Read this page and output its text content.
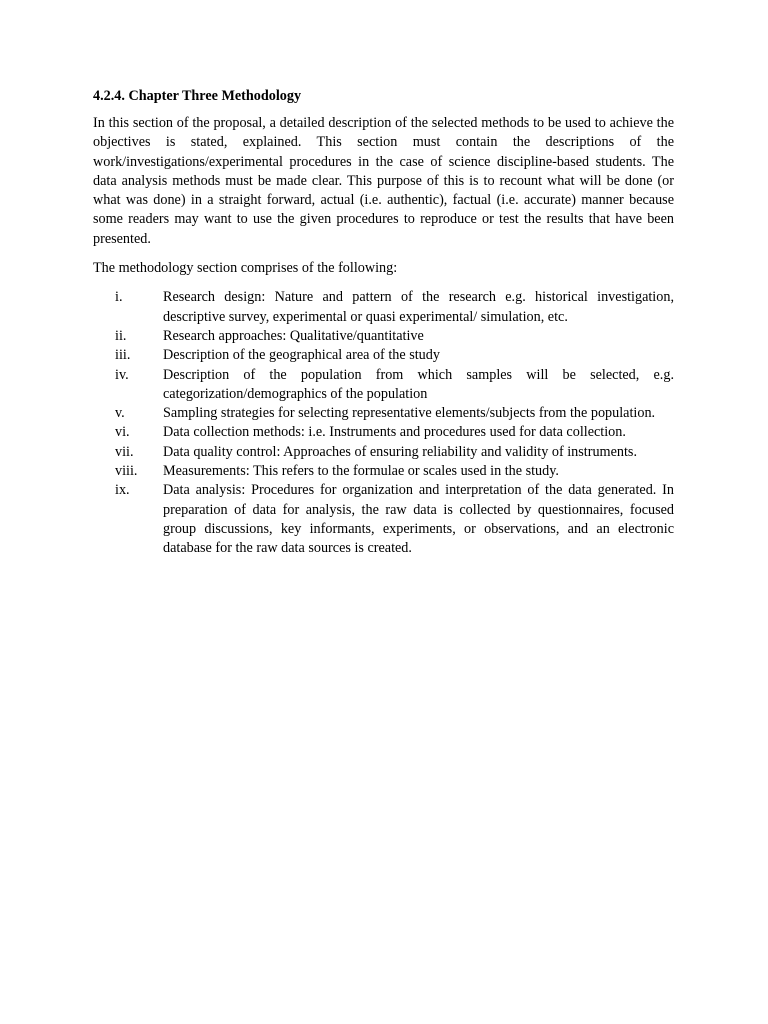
4.2.4. Chapter Three Methodology

In this section of the proposal, a detailed description of the selected methods to be used to achieve the objectives is stated, explained. This section must contain the descriptions of the work/investigations/experimental procedures in the case of science discipline-based students. The data analysis methods must be made clear. This purpose of this is to recount what will be done (or what was done) in a straight forward, actual (i.e. authentic), factual (i.e. accurate) manner because some readers may want to use the given procedures to reproduce or test the results that have been presented.

The methodology section comprises of the following:

i.	Research design: Nature and pattern of the research e.g. historical investigation, descriptive survey, experimental or quasi experimental/ simulation, etc.
ii.	Research approaches: Qualitative/quantitative
iii.	Description of the geographical area of the study
iv.	Description of the population from which samples will be selected, e.g. categorization/demographics of the population
v.	Sampling strategies for selecting representative elements/subjects from the population.
vi.	Data collection methods: i.e. Instruments and procedures used for data collection.
vii.	Data quality control: Approaches of ensuring reliability and validity of instruments.
viii.	Measurements: This refers to the formulae or scales used in the study.
ix.	Data analysis: Procedures for organization and interpretation of the data generated. In preparation of data for analysis, the raw data is collected by questionnaires, focused group discussions, key informants, experiments, or observations, and an electronic database for the raw data sources is created.
